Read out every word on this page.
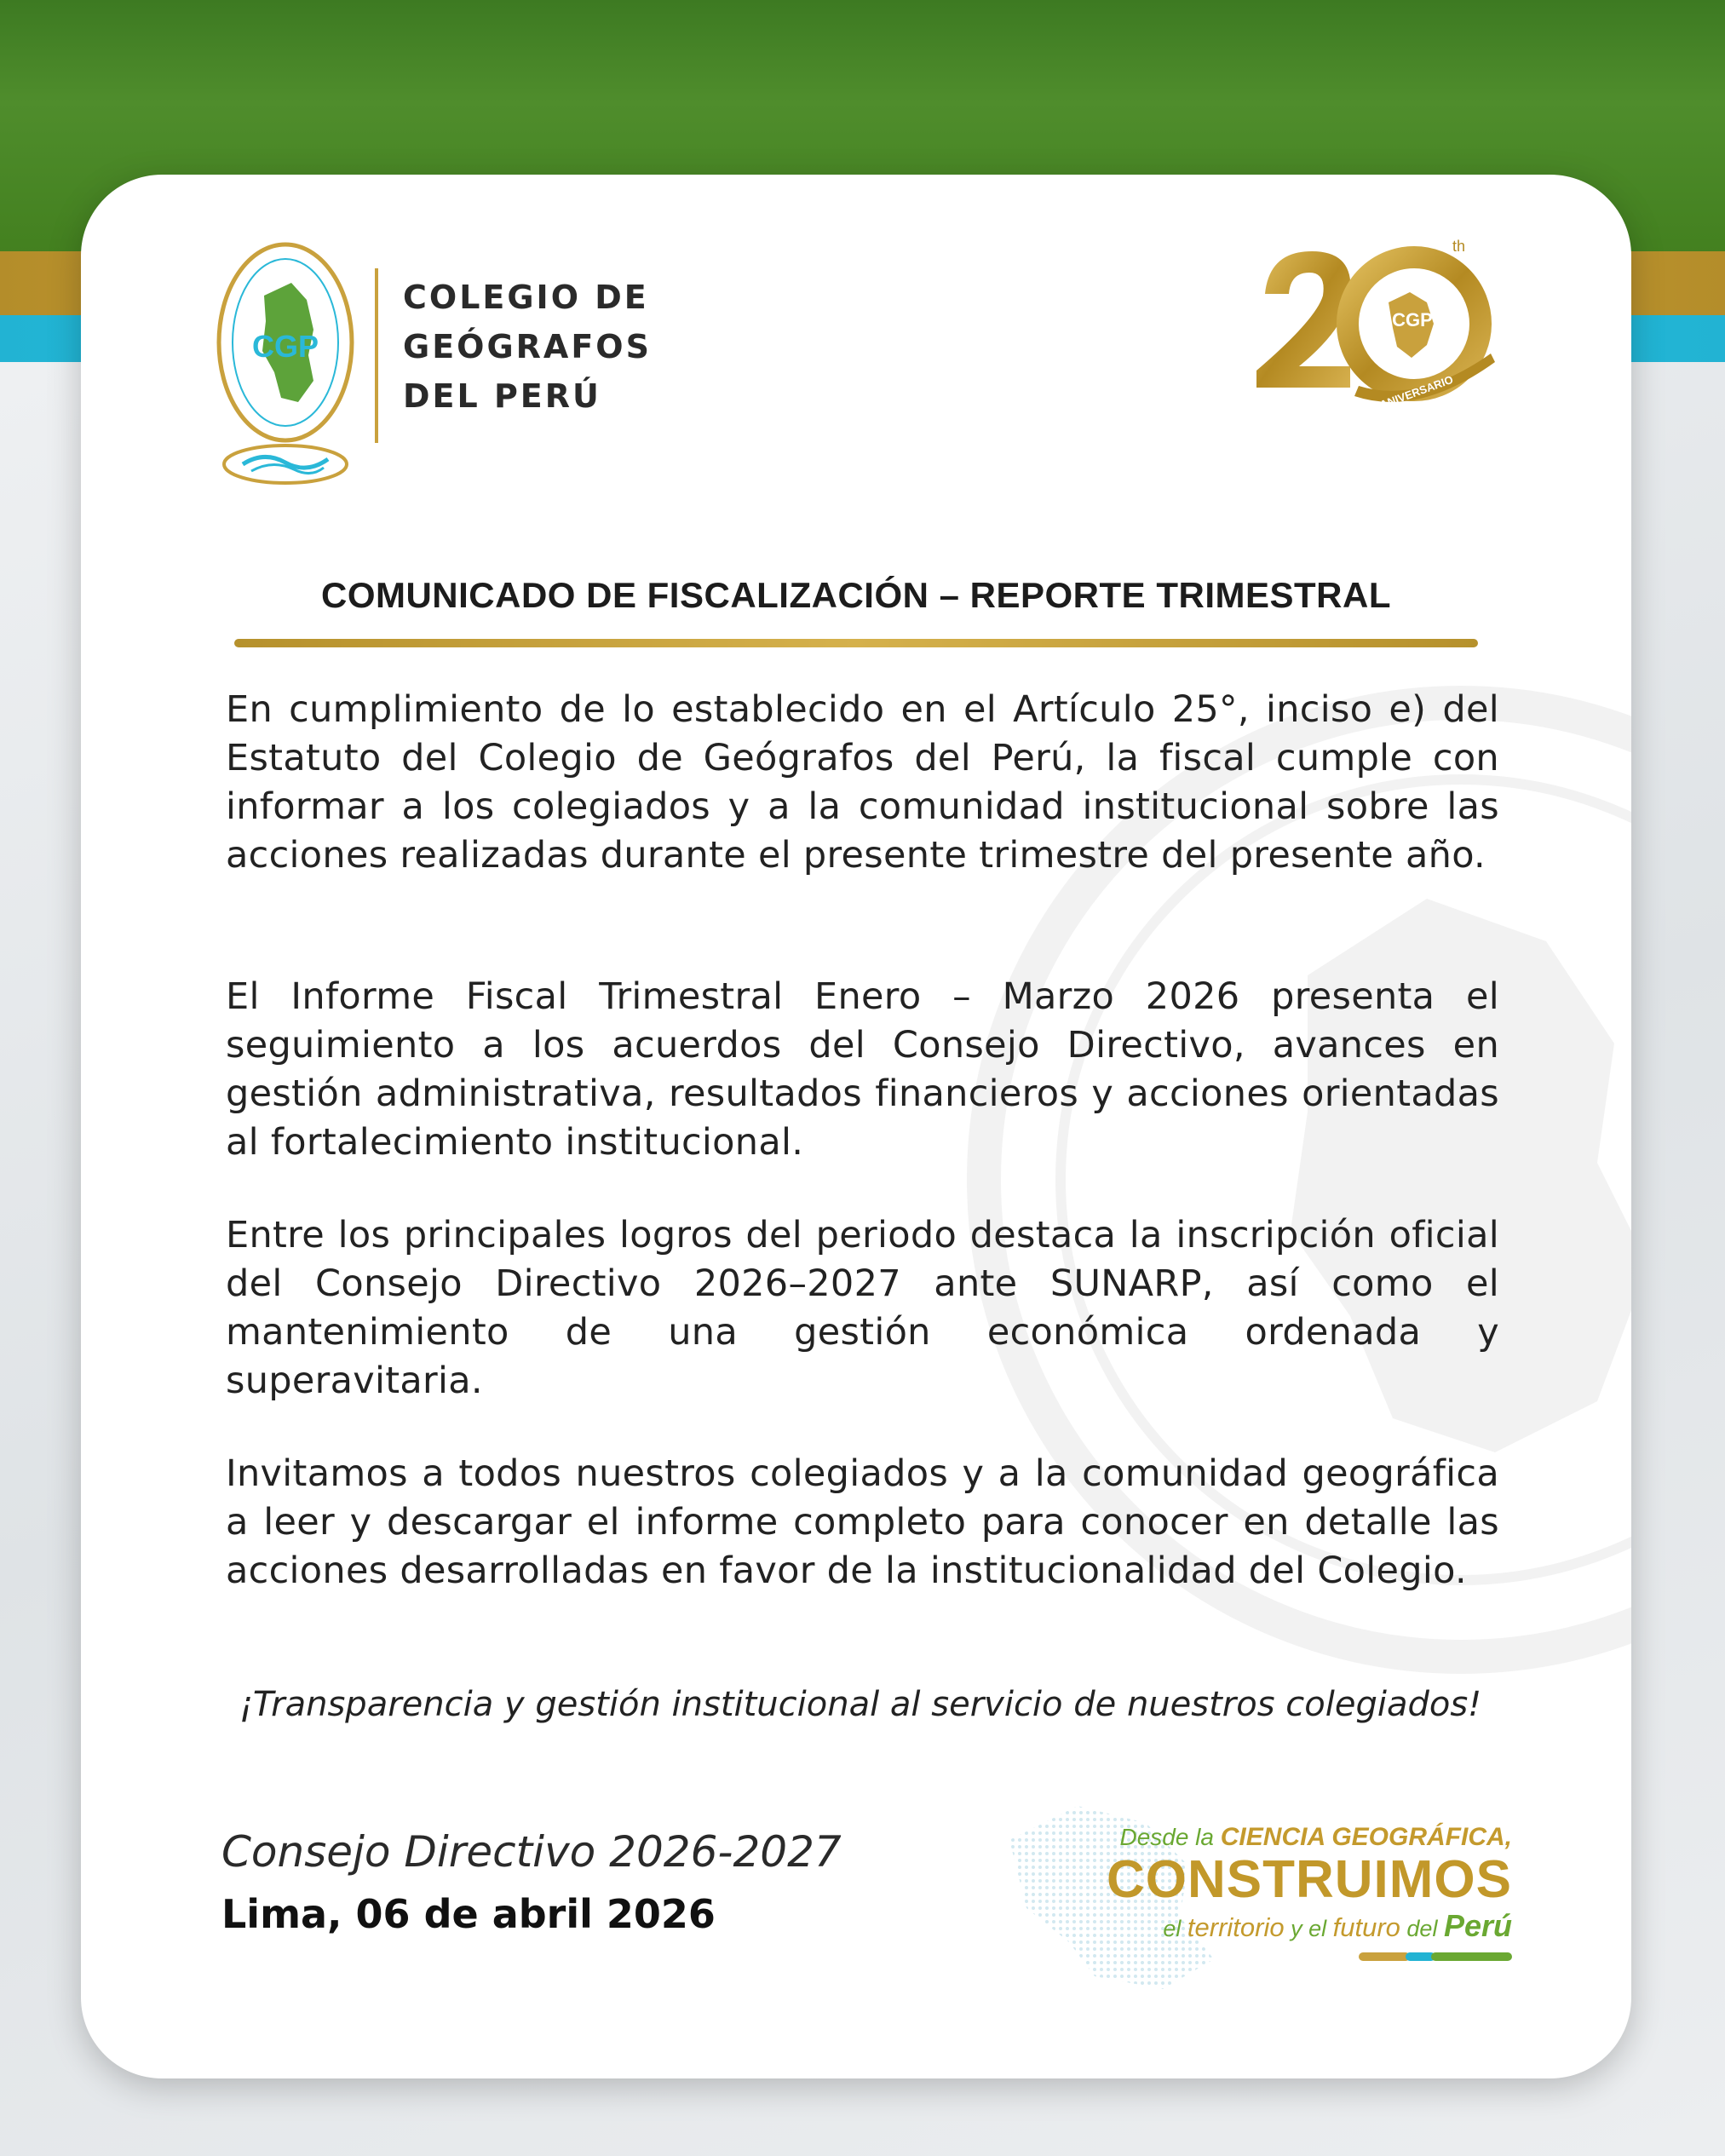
CGP
COLEGIO DE
GEÓGRAFOS
DEL PERÚ
CGP
th
ANIVERSARIO
COMUNICADO DE FISCALIZACIÓN – REPORTE TRIMESTRAL
En cumplimiento de lo establecido en el Artículo 25°, inciso e) del Estatuto del Colegio de Geógrafos del Perú, la fiscal cumple con informar a los colegiados y a la comunidad institucional sobre las acciones realizadas durante el presente trimestre del presente año.
El Informe Fiscal Trimestral Enero – Marzo 2026 presenta el seguimiento a los acuerdos del Consejo Directivo, avances en gestión administrativa, resultados financieros y acciones orientadas al fortalecimiento institucional.
Entre los principales logros del periodo destaca la inscripción oficial del Consejo Directivo 2026–2027 ante SUNARP, así como el mantenimiento de una gestión económica ordenada y superavitaria.
Invitamos a todos nuestros colegiados y a la comunidad geográfica a leer y descargar el informe completo para conocer en detalle las acciones desarrolladas en favor de la institucionalidad del Colegio.
¡Transparencia y gestión institucional al servicio de nuestros colegiados!
Consejo Directivo 2026-2027
Lima, 06 de abril 2026
Desde la CIENCIA GEOGRÁFICA,
CONSTRUIMOS
el territorio y el futuro del Perú
